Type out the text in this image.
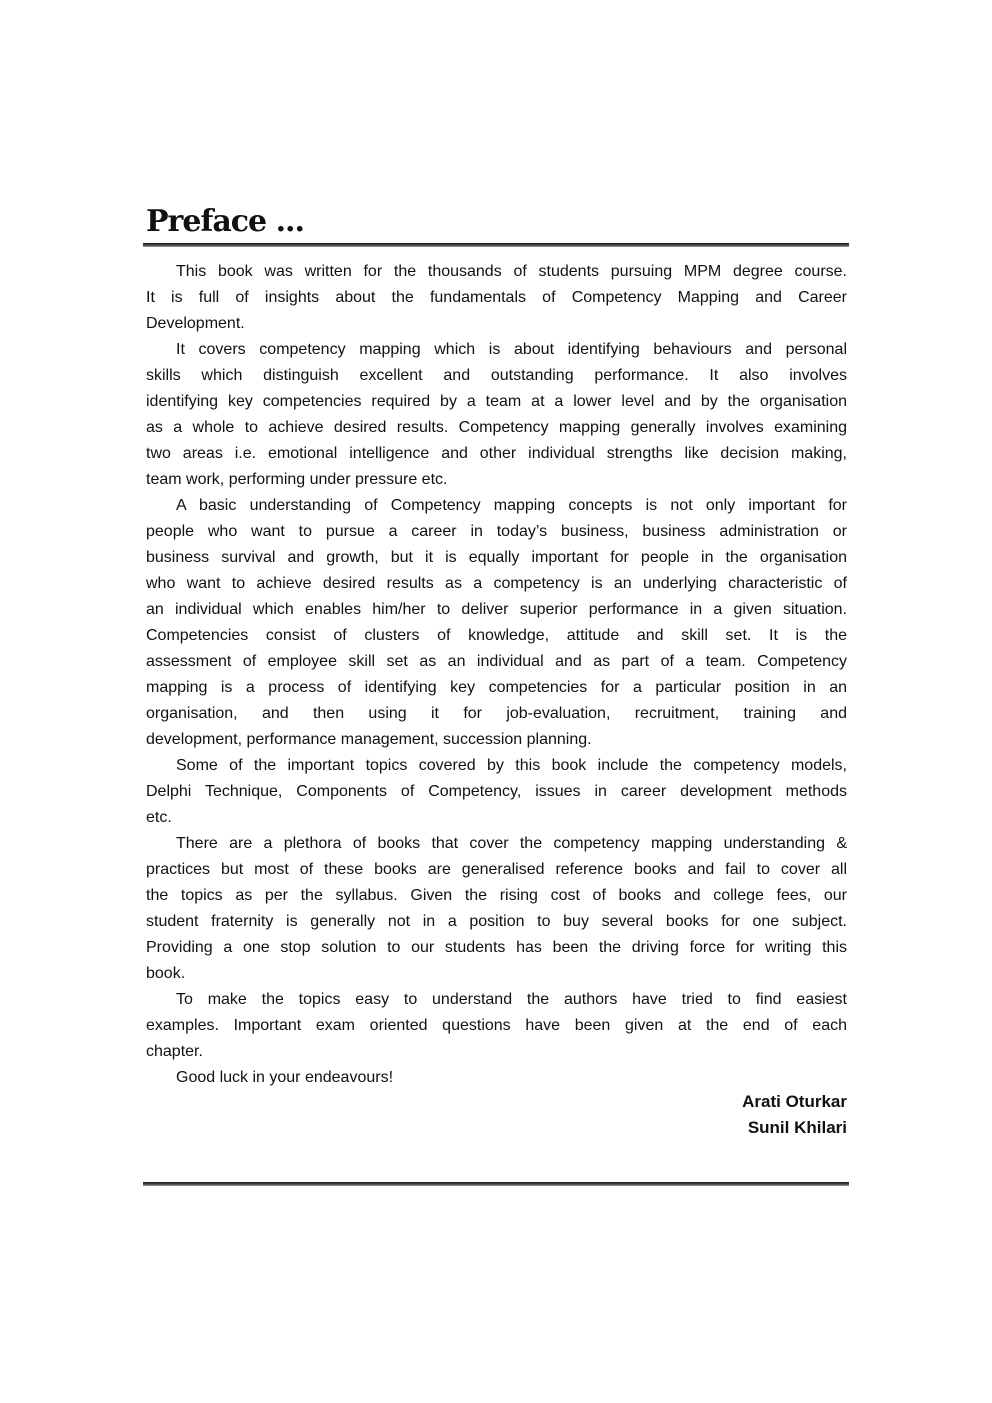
Preface ...
This book was written for the thousands of students pursuing MPM degree course.
It is full of insights about the fundamentals of Competency Mapping and Career
Development.
It covers competency mapping which is about identifying behaviours and personal
skills which distinguish excellent and outstanding performance. It also involves
identifying key competencies required by a team at a lower level and by the organisation
as a whole to achieve desired results. Competency mapping generally involves examining
two areas i.e. emotional intelligence and other individual strengths like decision making,
team work, performing under pressure etc.
A basic understanding of Competency mapping concepts is not only important for
people who want to pursue a career in today’s business, business administration or
business survival and growth, but it is equally important for people in the organisation
who want to achieve desired results as a competency is an underlying characteristic of
an individual which enables him/her to deliver superior performance in a given situation.
Competencies consist of clusters of knowledge, attitude and skill set. It is the
assessment of employee skill set as an individual and as part of a team. Competency
mapping is a process of identifying key competencies for a particular position in an
organisation, and then using it for job-evaluation, recruitment, training and
development, performance management, succession planning.
Some of the important topics covered by this book include the competency models,
Delphi Technique, Components of Competency, issues in career development methods
etc.
There are a plethora of books that cover the competency mapping understanding &
practices but most of these books are generalised reference books and fail to cover all
the topics as per the syllabus. Given the rising cost of books and college fees, our
student fraternity is generally not in a position to buy several books for one subject.
Providing a one stop solution to our students has been the driving force for writing this
book.
To make the topics easy to understand the authors have tried to find easiest
examples. Important exam oriented questions have been given at the end of each
chapter.
Good luck in your endeavours!
Arati Oturkar
Sunil Khilari
